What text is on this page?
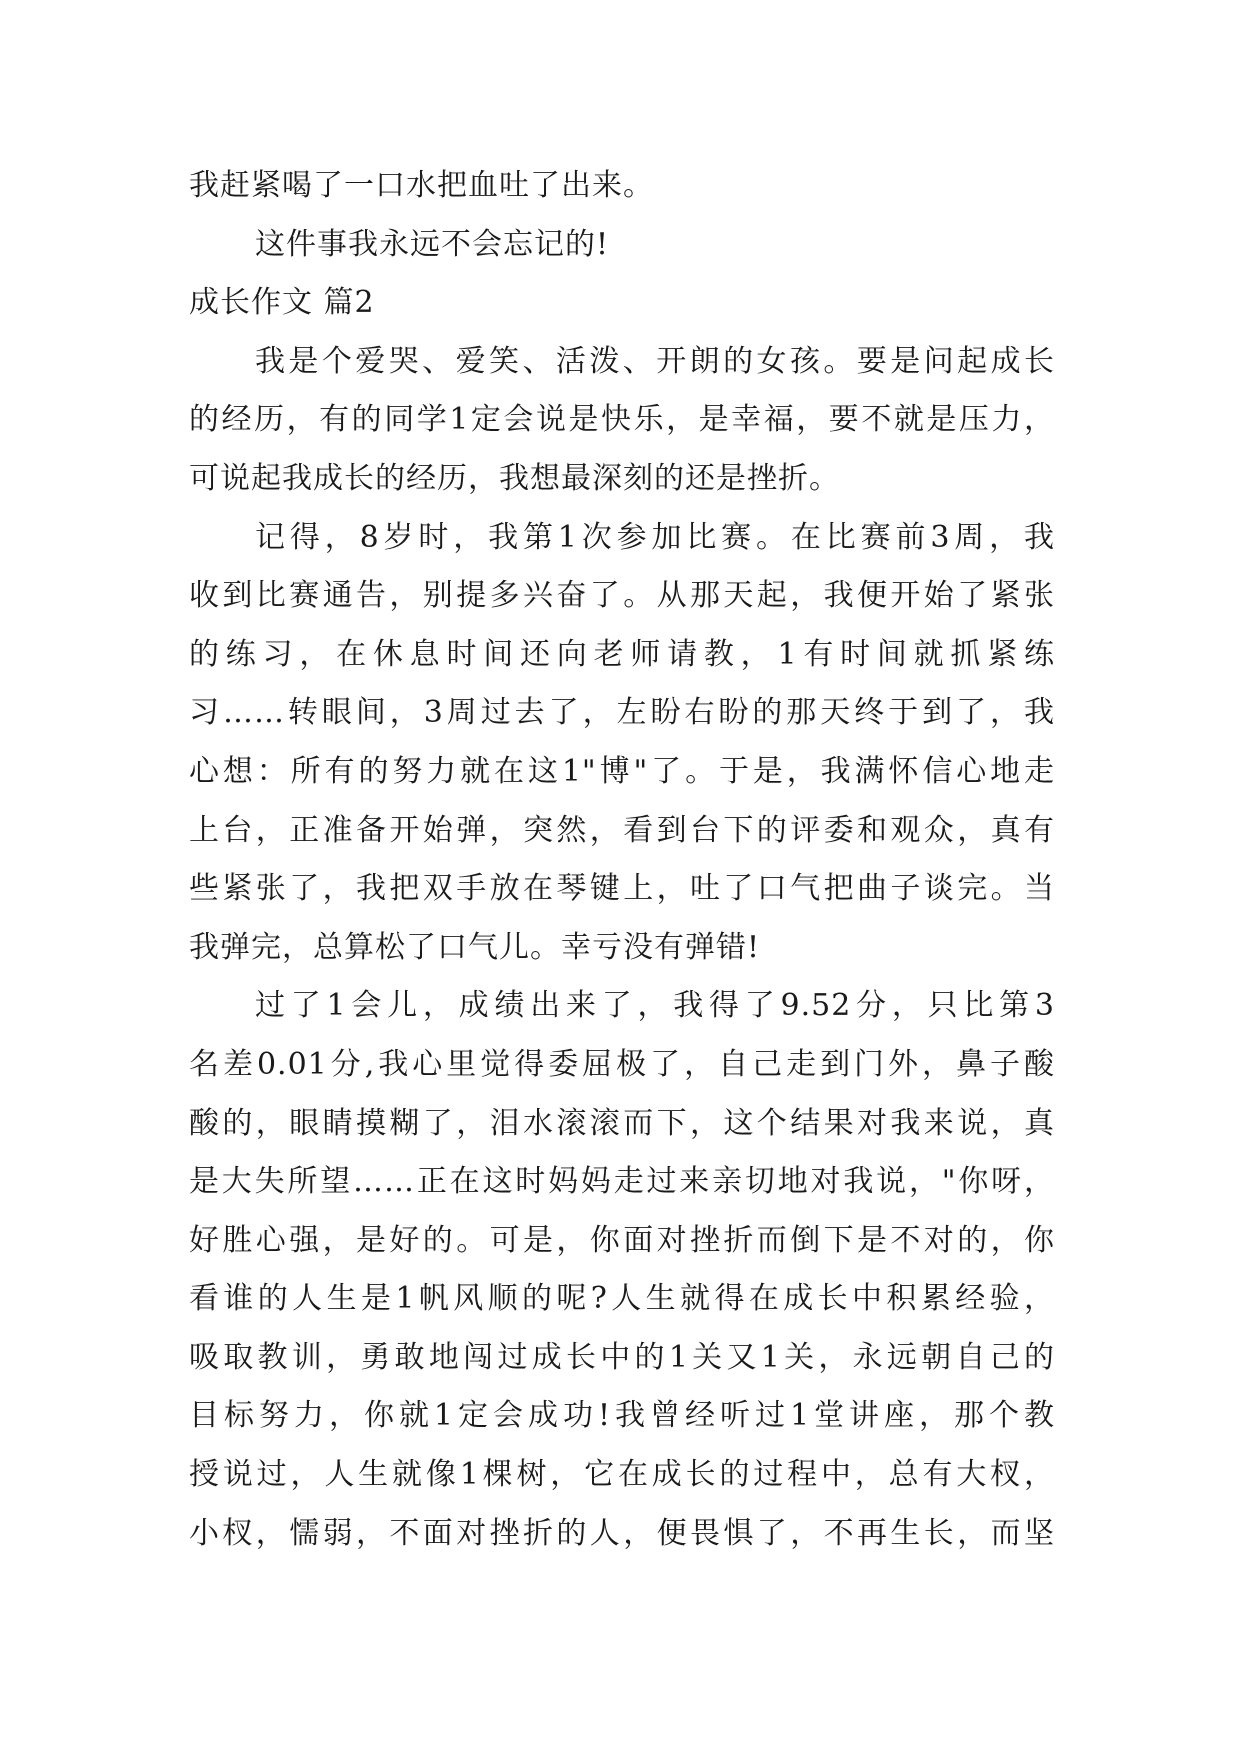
我赶紧喝了一口水把血吐了出来。
这件事我永远不会忘记的!
成长作文 篇2
我是个爱哭、爱笑、活泼、开朗的女孩。要是问起成长
的经历，有的同学1定会说是快乐，是幸福，要不就是压力，
可说起我成长的经历，我想最深刻的还是挫折。
记得，8岁时，我第1次参加比赛。在比赛前3周，我
收到比赛通告，别提多兴奋了。从那天起，我便开始了紧张
的练习，在休息时间还向老师请教，1有时间就抓紧练
习……转眼间，3周过去了，左盼右盼的那天终于到了，我
心想：所有的努力就在这1"博"了。于是，我满怀信心地走
上台，正准备开始弹，突然，看到台下的评委和观众，真有
些紧张了，我把双手放在琴键上，吐了口气把曲子谈完。当
我弹完，总算松了口气儿。幸亏没有弹错!
过了1会儿，成绩出来了，我得了9.52分，只比第3
名差0.01分,我心里觉得委屈极了，自己走到门外，鼻子酸
酸的，眼睛摸糊了，泪水滚滚而下，这个结果对我来说，真
是大失所望……正在这时妈妈走过来亲切地对我说，"你呀，
好胜心强，是好的。可是，你面对挫折而倒下是不对的，你
看谁的人生是1帆风顺的呢?人生就得在成长中积累经验，
吸取教训，勇敢地闯过成长中的1关又1关，永远朝自己的
目标努力，你就1定会成功!我曾经听过1堂讲座，那个教
授说过，人生就像1棵树，它在成长的过程中，总有大杈，
小杈，懦弱，不面对挫折的人，便畏惧了，不再生长，而坚
